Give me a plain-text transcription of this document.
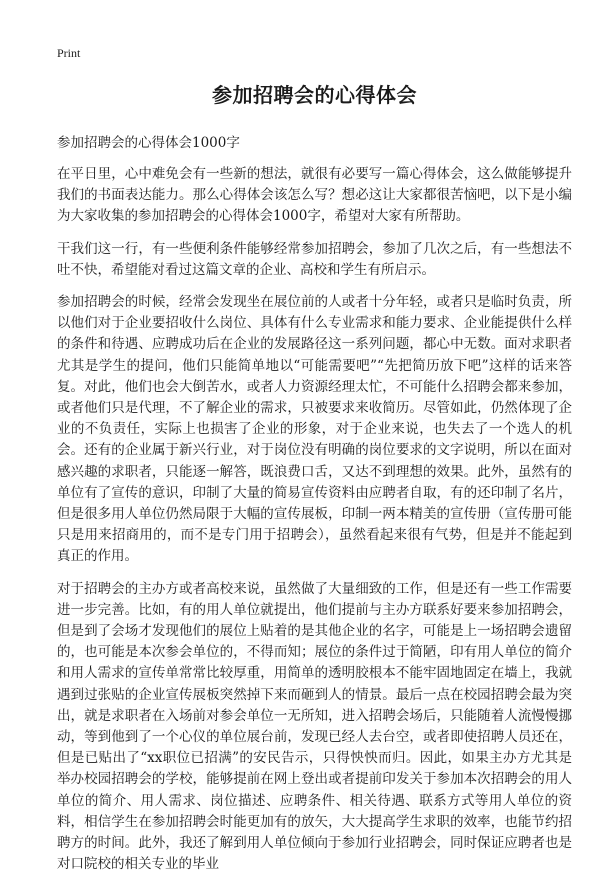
Print
参加招聘会的心得体会
参加招聘会的心得体会1000字

在平日里，心中难免会有一些新的想法，就很有必要写一篇心得体会，这么做能够提升我们的书面表达能力。那么心得体会该怎么写？想必这让大家都很苦恼吧，以下是小编为大家收集的参加招聘会的心得体会1000字，希望对大家有所帮助。

干我们这一行，有一些便利条件能够经常参加招聘会，参加了几次之后，有一些想法不吐不快，希望能对看过这篇文章的企业、高校和学生有所启示。

参加招聘会的时候，经常会发现坐在展位前的人或者十分年轻，或者只是临时负责，所以他们对于企业要招收什么岗位、具体有什么专业需求和能力要求、企业能提供什么样的条件和待遇、应聘成功后在企业的发展路径这一系列问题，都心中无数。面对求职者尤其是学生的提问，他们只能简单地以“可能需要吧”“先把简历放下吧”这样的话来答复。对此，他们也会大倒苦水，或者人力资源经理太忙，不可能什么招聘会都来参加，或者他们只是代理，不了解企业的需求，只被要求来收简历。尽管如此，仍然体现了企业的不负责任，实际上也损害了企业的形象，对于企业来说，也失去了一个选人的机会。还有的企业属于新兴行业，对于岗位没有明确的岗位要求的文字说明，所以在面对感兴趣的求职者，只能逐一解答，既浪费口舌，又达不到理想的效果。此外，虽然有的单位有了宣传的意识，印制了大量的简易宣传资料由应聘者自取，有的还印制了名片，但是很多用人单位仍然局限于大幅的宣传展板，印制一两本精美的宣传册（宣传册可能只是用来招商用的，而不是专门用于招聘会），虽然看起来很有气势，但是并不能起到真正的作用。

对于招聘会的主办方或者高校来说，虽然做了大量细致的工作，但是还有一些工作需要进一步完善。比如，有的用人单位就提出，他们提前与主办方联系好要来参加招聘会，但是到了会场才发现他们的展位上贴着的是其他企业的名字，可能是上一场招聘会遗留的，也可能是本次参会单位的，不得而知；展位的条件过于简陋，印有用人单位的简介和用人需求的宣传单常常比较厚重，用简单的透明胶根本不能牢固地固定在墙上，我就遇到过张贴的企业宣传展板突然掉下来而砸到人的情景。最后一点在校园招聘会最为突出，就是求职者在入场前对参会单位一无所知，进入招聘会场后，只能随着人流慢慢挪动，等到他到了一个心仪的单位展台前，发现已经人去台空，或者即使招聘人员还在，但是已贴出了“xx职位已招满”的安民告示，只得怏怏而归。因此，如果主办方尤其是举办校园招聘会的学校，能够提前在网上登出或者提前印发关于参加本次招聘会的用人单位的简介、用人需求、岗位描述、应聘条件、相关待遇、联系方式等用人单位的资料，相信学生在参加招聘会时能更加有的放矢，大大提高学生求职的效率，也能节约招聘方的时间。此外，我还了解到用人单位倾向于参加行业招聘会，同时保证应聘者也是对口院校的相关专业的毕业
